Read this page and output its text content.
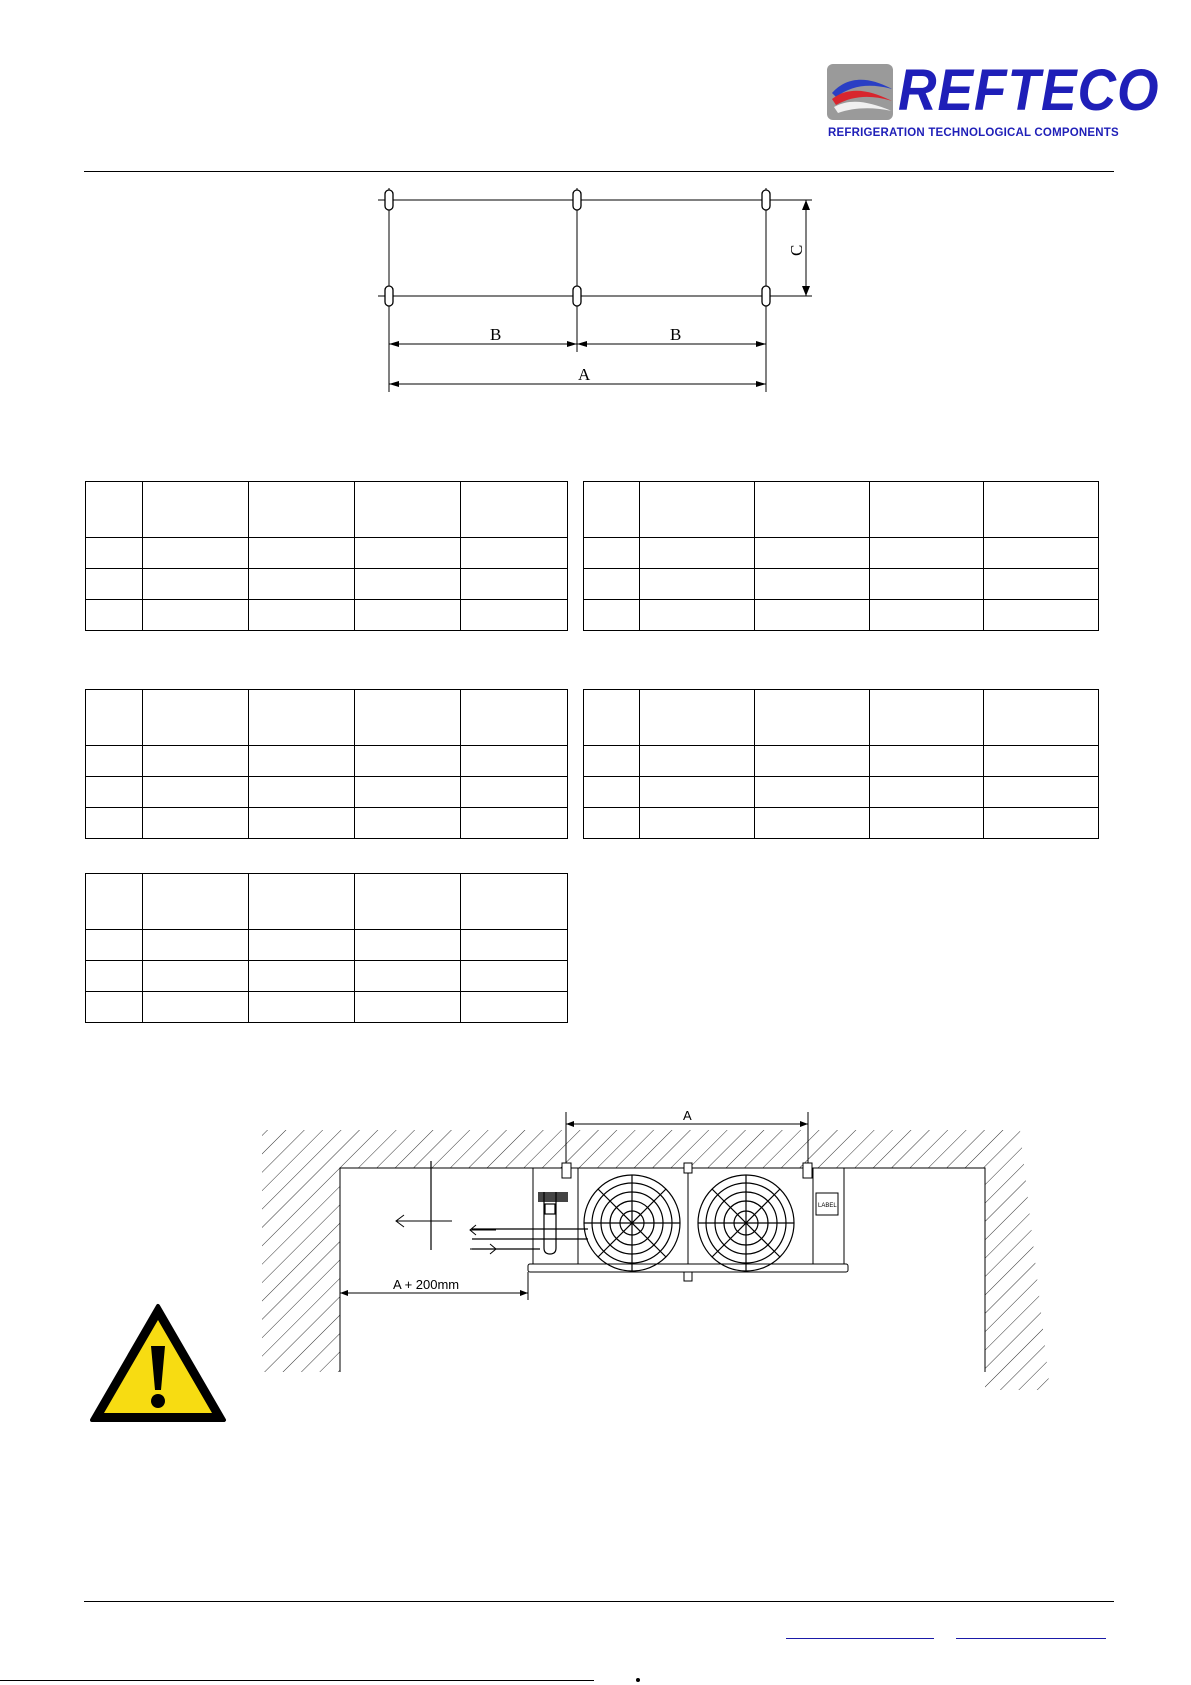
REFTECO
REFRIGERATION TECHNOLOGICAL COMPONENTS
B	B
A
C

A
LABEL
A + 200mm
